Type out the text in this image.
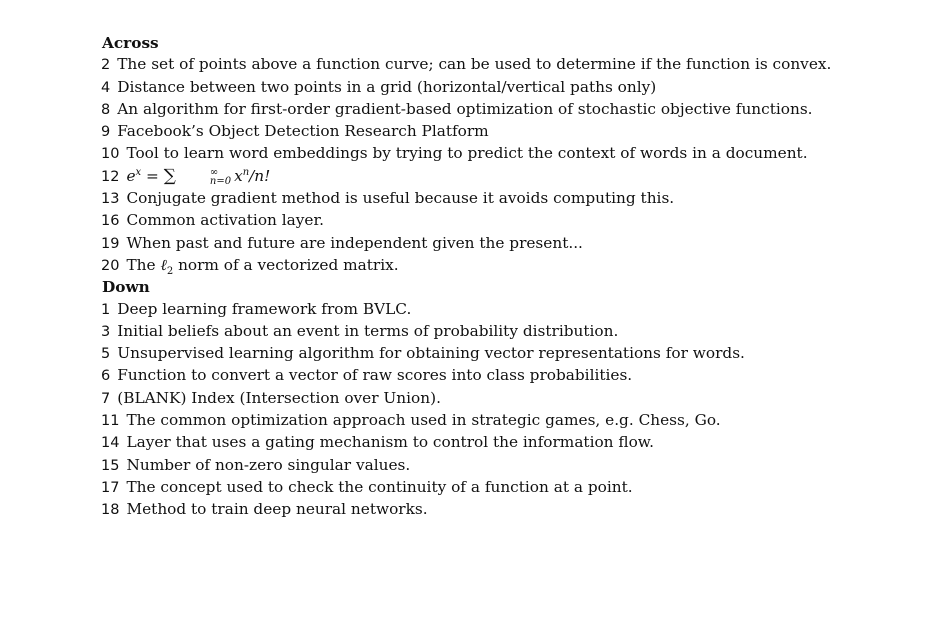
Across
2 The set of points above a function curve; can be used to determine if the function is convex.
4 Distance between two points in a grid (horizontal/vertical paths only)
8 An algorithm for first-order gradient-based optimization of stochastic objective functions.
9 Facebook’s Object Detection Research Platform
10 Tool to learn word embeddings by trying to predict the context of words in a document.
12 $e^x$ = ∑	∞
n=0 $x^n/n$!
13 Conjugate gradient method is useful because it avoids computing this.
16 Common activation layer.
19 When past and future are independent given the present...
20 The ℓ$_2$ norm of a vectorized matrix.
Down
1 Deep learning framework from BVLC.
3 Initial beliefs about an event in terms of probability distribution.
5 Unsupervised learning algorithm for obtaining vector representations for words.
6 Function to convert a vector of raw scores into class probabilities.
7 (BLANK) Index (Intersection over Union).
11 The common optimization approach used in strategic games, e.g. Chess, Go.
14 Layer that uses a gating mechanism to control the information flow.
15 Number of non-zero singular values.
17 The concept used to check the continuity of a function at a point.
18 Method to train deep neural networks.
